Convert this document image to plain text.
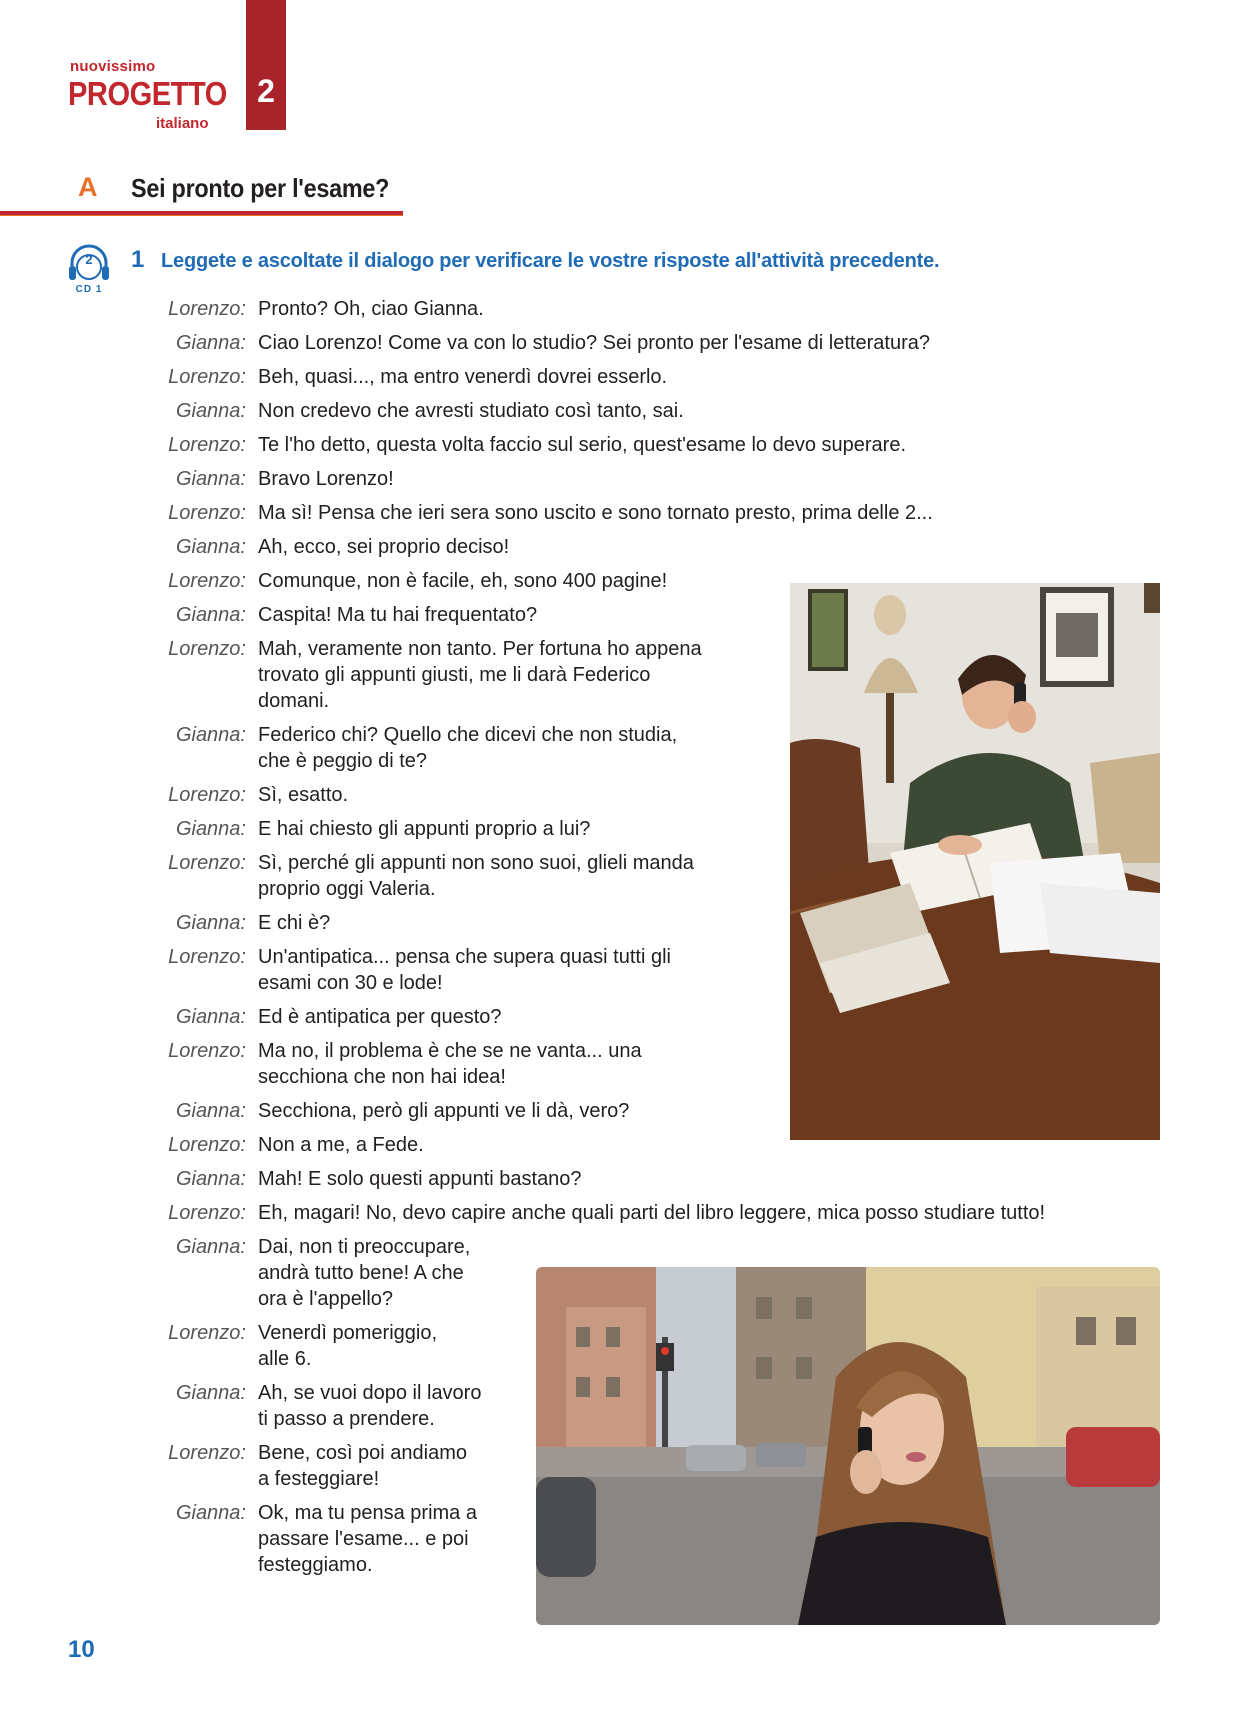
nuovissimo
PROGETTO
italiano
2
A Sei pronto per l'esame?
2
CD 1
1 Leggete e ascoltate il dialogo per verificare le vostre risposte all'attività precedente.
Lorenzo: Pronto? Oh, ciao Gianna.
Gianna: Ciao Lorenzo! Come va con lo studio? Sei pronto per l'esame di letteratura?
Lorenzo: Beh, quasi..., ma entro venerdì dovrei esserlo.
Gianna: Non credevo che avresti studiato così tanto, sai.
Lorenzo: Te l'ho detto, questa volta faccio sul serio, quest'esame lo devo superare.
Gianna: Bravo Lorenzo!
Lorenzo: Ma sì! Pensa che ieri sera sono uscito e sono tornato presto, prima delle 2...
Gianna: Ah, ecco, sei proprio deciso!
Lorenzo: Comunque, non è facile, eh, sono 400 pagine!
Gianna: Caspita! Ma tu hai frequentato?
Lorenzo: Mah, veramente non tanto. Per fortuna ho appena
trovato gli appunti giusti, me li darà Federico
domani.
Gianna: Federico chi? Quello che dicevi che non studia,
che è peggio di te?
Lorenzo: Sì, esatto.
Gianna: E hai chiesto gli appunti proprio a lui?
Lorenzo: Sì, perché gli appunti non sono suoi, glieli manda
proprio oggi Valeria.
Gianna: E chi è?
Lorenzo: Un'antipatica... pensa che supera quasi tutti gli
esami con 30 e lode!
Gianna: Ed è antipatica per questo?
Lorenzo: Ma no, il problema è che se ne vanta... una
secchiona che non hai idea!
Gianna: Secchiona, però gli appunti ve li dà, vero?
Lorenzo: Non a me, a Fede.
Gianna: Mah! E solo questi appunti bastano?
Lorenzo: Eh, magari! No, devo capire anche quali parti del libro leggere, mica posso studiare tutto!
Gianna: Dai, non ti preoccupare,
andrà tutto bene! A che
ora è l'appello?
Lorenzo: Venerdì pomeriggio,
alle 6.
Gianna: Ah, se vuoi dopo il lavoro
ti passo a prendere.
Lorenzo: Bene, così poi andiamo
a festeggiare!
Gianna: Ok, ma tu pensa prima a
passare l'esame... e poi
festeggiamo.
10
